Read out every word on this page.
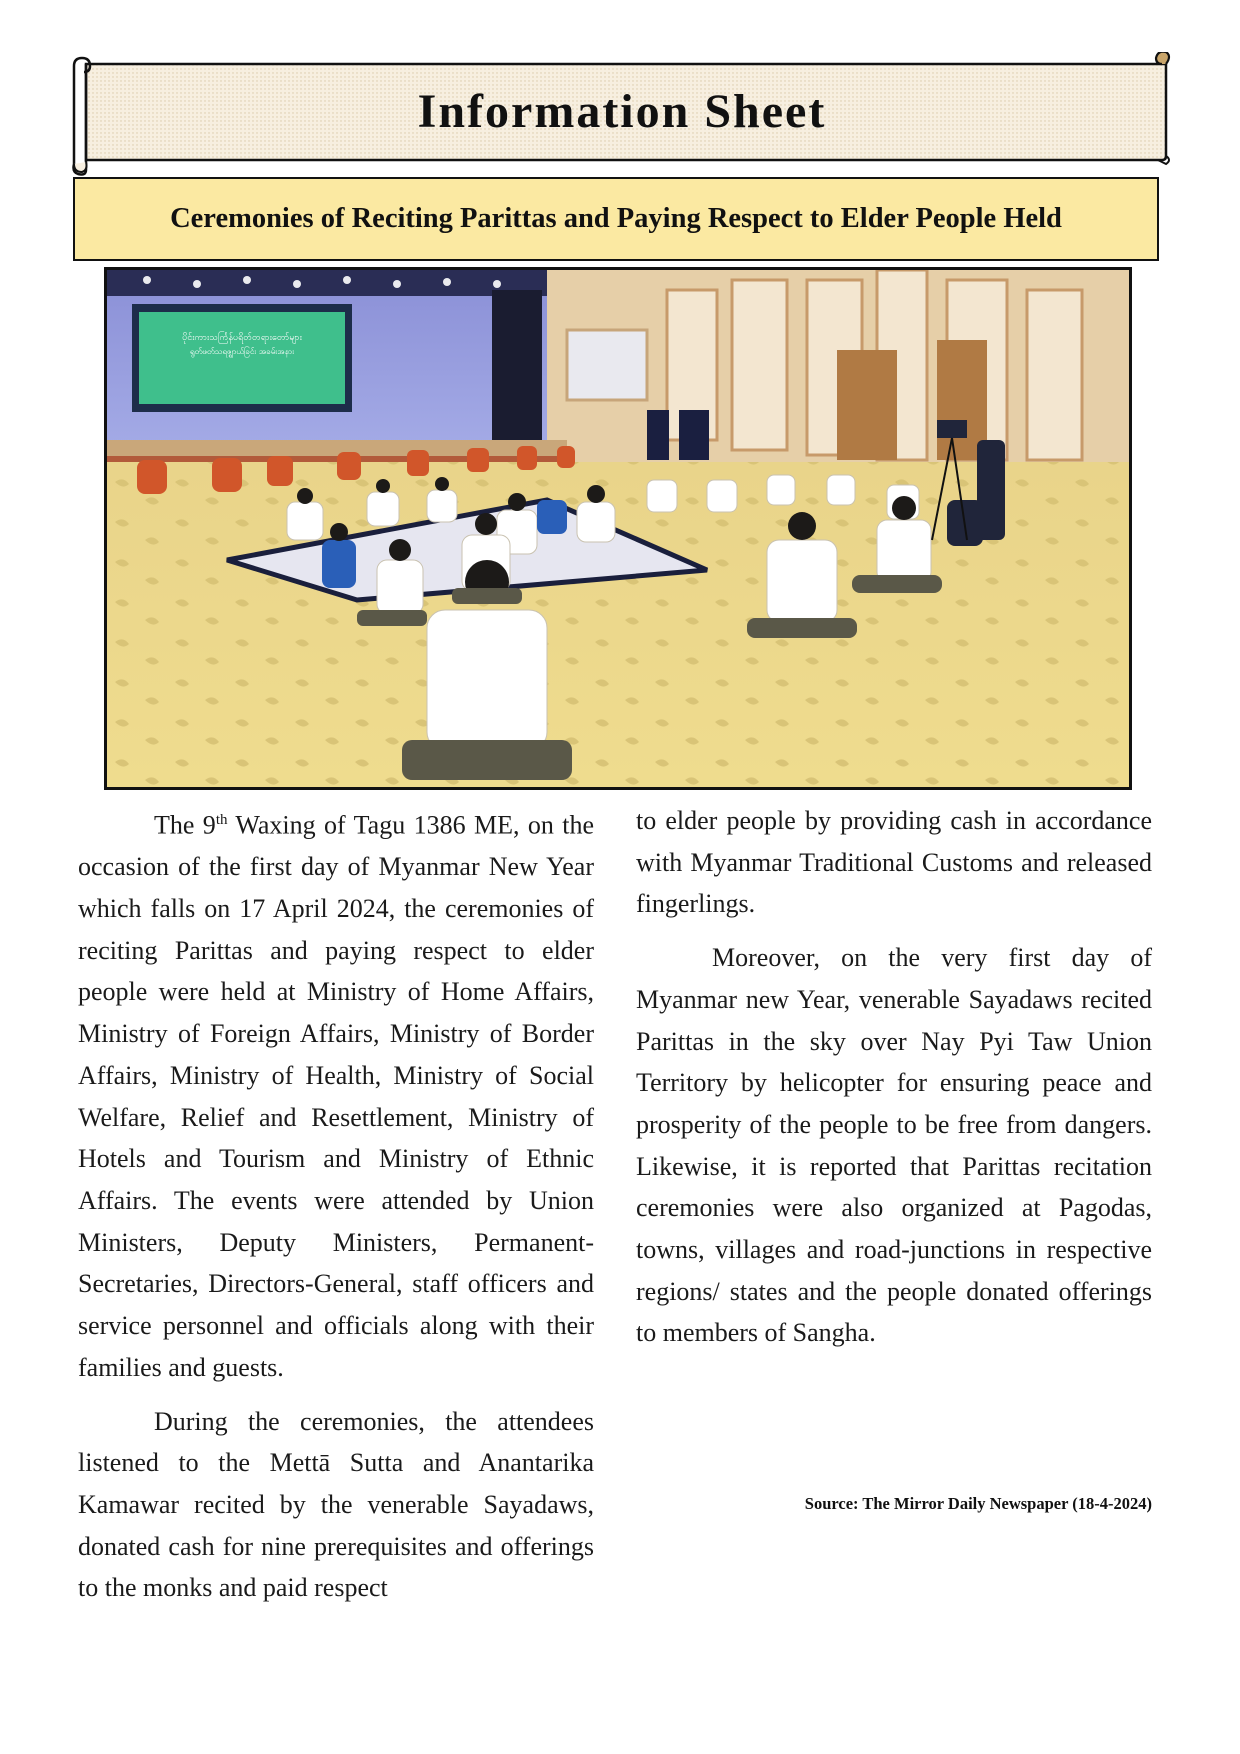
Information Sheet
Ceremonies of Reciting Parittas and Paying Respect to Elder People Held
ပိုင်းကားသင်္ကြန်ပရိတ်တရားတော်များ
ရွတ်ဖတ်သရဇ္ဈာယ်ခြင်း အခမ်းအနား

The 9th Waxing of Tagu 1386 ME, on the occasion of the first day of Myanmar New Year which falls on 17 April 2024, the ceremonies of reciting Parittas and paying respect to elder people were held at Ministry of Home Affairs, Ministry of Foreign Affairs, Ministry of Border Affairs, Ministry of Health, Ministry of Social Welfare, Relief and Resettlement, Ministry of Hotels and Tourism and Ministry of Ethnic Affairs. The events were attended by Union Ministers, Deputy Ministers, Permanent-Secretaries, Directors-General, staff officers and service personnel and officials along with their families and guests.

During the ceremonies, the attendees listened to the Mettā Sutta and Anantarika Kamawar recited by the venerable Sayadaws, donated cash for nine prerequisites and offerings to the monks and paid respect

to elder people by providing cash in accordance with Myanmar Traditional Customs and released fingerlings.

Moreover, on the very first day of Myanmar new Year, venerable Sayadaws recited Parittas in the sky over Nay Pyi Taw Union Territory by helicopter for ensuring peace and prosperity of the people to be free from dangers. Likewise, it is reported that Parittas recitation ceremonies were also organized at Pagodas, towns, villages and road-junctions in respective regions/ states and the people donated offerings to members of Sangha.

Source: The Mirror Daily Newspaper (18-4-2024)
